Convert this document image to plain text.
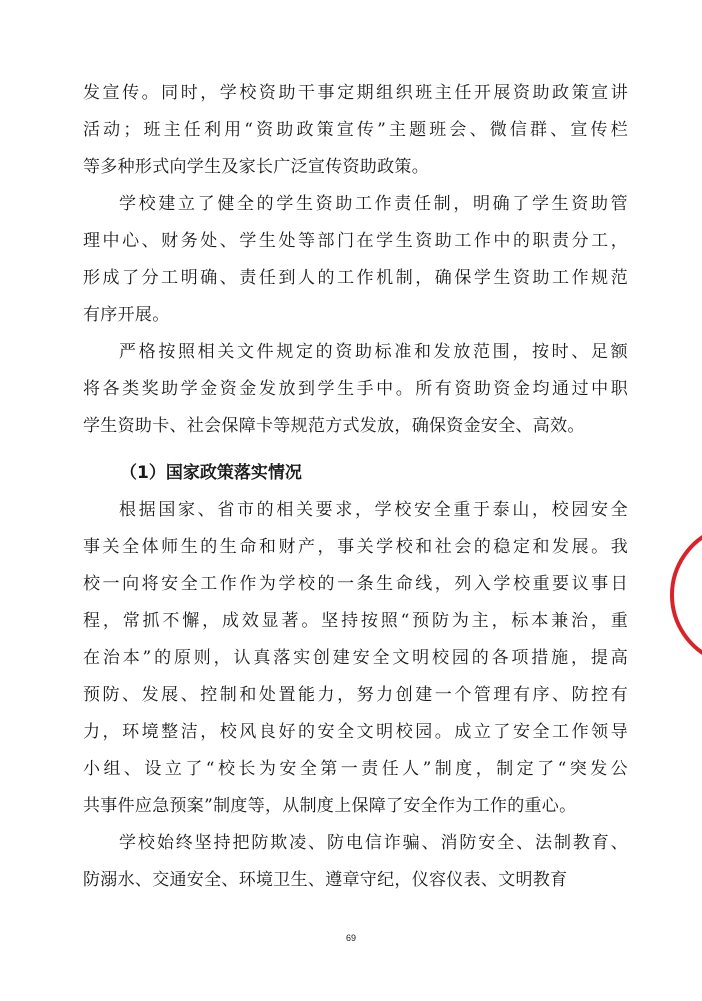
发宣传。同时，学校资助干事定期组织班主任开展资助政策宣讲
活动；班主任利用“资助政策宣传”主题班会、微信群、宣传栏
等多种形式向学生及家长广泛宣传资助政策。
学校建立了健全的学生资助工作责任制，明确了学生资助管
理中心、财务处、学生处等部门在学生资助工作中的职责分工，
形成了分工明确、责任到人的工作机制，确保学生资助工作规范
有序开展。
严格按照相关文件规定的资助标准和发放范围，按时、足额
将各类奖助学金资金发放到学生手中。所有资助资金均通过中职
学生资助卡、社会保障卡等规范方式发放，确保资金安全、高效。

（1）国家政策落实情况

根据国家、省市的相关要求，学校安全重于泰山，校园安全
事关全体师生的生命和财产，事关学校和社会的稳定和发展。我
校一向将安全工作作为学校的一条生命线，列入学校重要议事日
程，常抓不懈，成效显著。坚持按照“预防为主，标本兼治，重
在治本”的原则，认真落实创建安全文明校园的各项措施，提高
预防、发展、控制和处置能力，努力创建一个管理有序、防控有
力，环境整洁，校风良好的安全文明校园。成立了安全工作领导
小组、设立了“校长为安全第一责任人”制度，制定了“突发公
共事件应急预案”制度等，从制度上保障了安全作为工作的重心。
学校始终坚持把防欺凌、防电信诈骗、消防安全、法制教育、
防溺水、交通安全、环境卫生、遵章守纪，仪容仪表、文明教育
69
